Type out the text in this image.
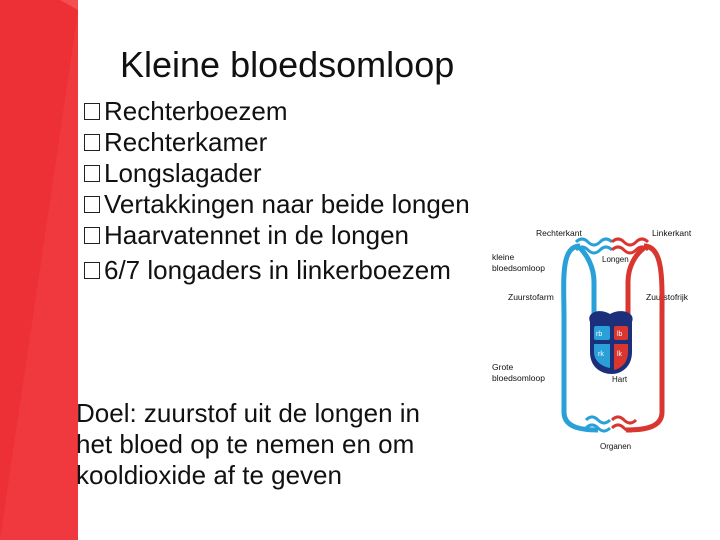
Kleine bloedsomloop
Rechterboezem
Rechterkamer
Longslagader
Vertakkingen naar beide longen
Haarvatennet in de longen
6/7 longaders in linkerboezem
Doel: zuurstof uit de longen in
het bloed op te nemen en om
kooldioxide af te geven
Rechterkant	Linkerkant
kleine
bloedsomloop
Longen
Zuurstofarm	Zuurstofrijk
Grote
bloedsomloop	Hart
Organen
rb lb
rk lk
